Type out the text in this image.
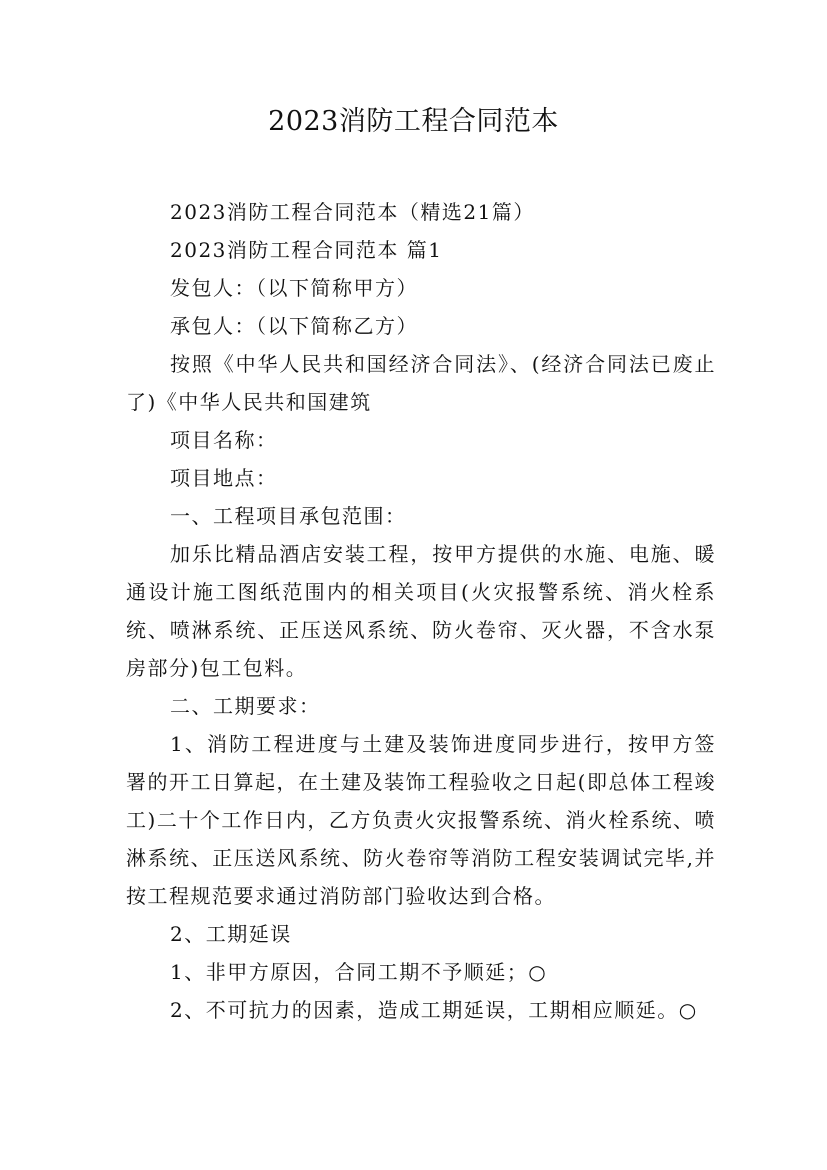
2023消防工程合同范本

2023消防工程合同范本（精选21篇）

2023消防工程合同范本 篇1

发包人：（以下简称甲方）

承包人：（以下简称乙方）

按照《中华人民共和国经济合同法》、(经济合同法已废止了)《中华人民共和国建筑

项目名称：

项目地点：

一、工程项目承包范围：

加乐比精品酒店安装工程，按甲方提供的水施、电施、暖通设计施工图纸范围内的相关项目(火灾报警系统、消火栓系统、喷淋系统、正压送风系统、防火卷帘、灭火器，不含水泵房部分)包工包料。

二、工期要求：

1、消防工程进度与土建及装饰进度同步进行，按甲方签署的开工日算起，在土建及装饰工程验收之日起(即总体工程竣工)二十个工作日内，乙方负责火灾报警系统、消火栓系统、喷淋系统、正压送风系统、防火卷帘等消防工程安装调试完毕,并按工程规范要求通过消防部门验收达到合格。

2、工期延误

1、非甲方原因，合同工期不予顺延；○

2、不可抗力的因素，造成工期延误，工期相应顺延。○
